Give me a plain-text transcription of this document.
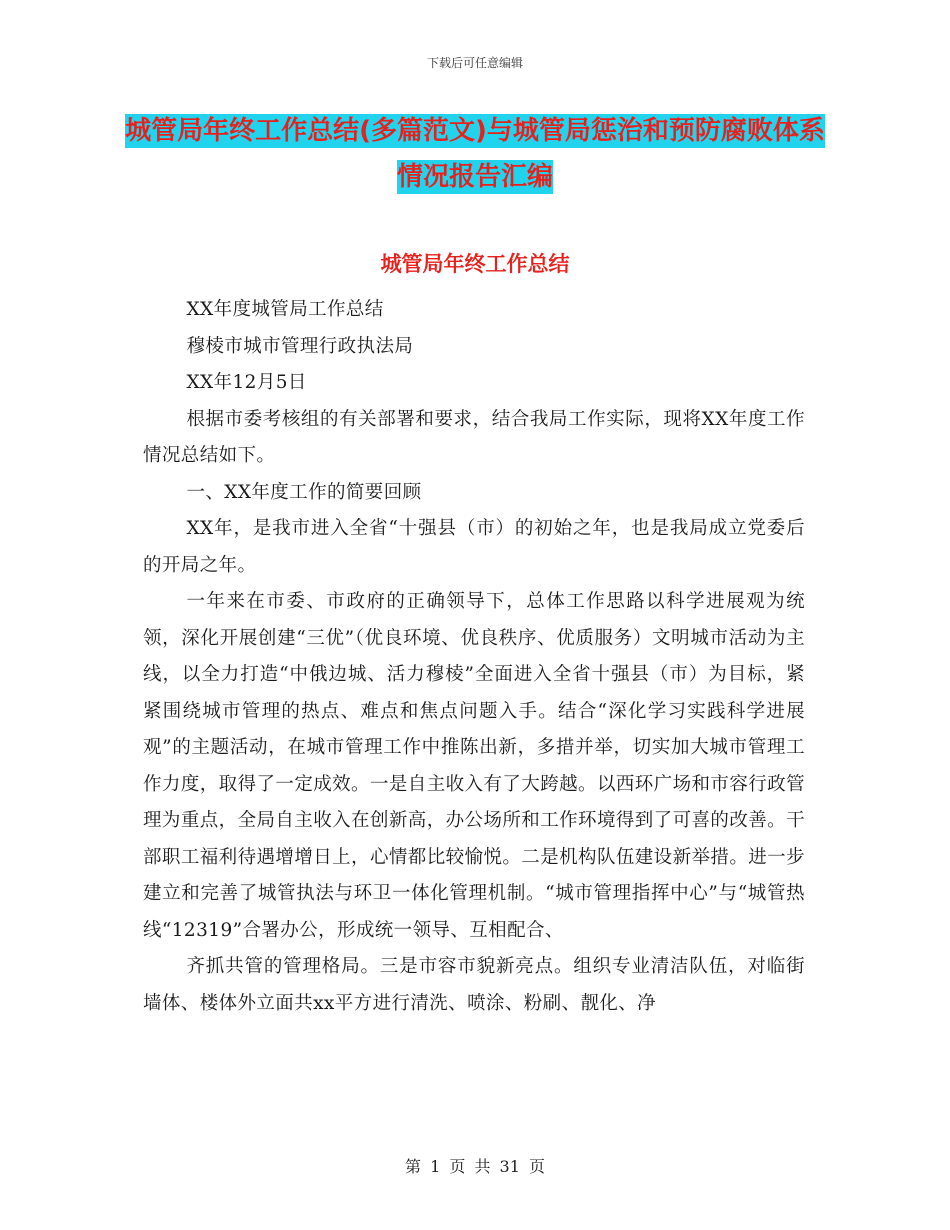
下载后可任意编辑
城管局年终工作总结(多篇范文)与城管局惩治和预防腐败体系情况报告汇编
城管局年终工作总结

XX年度城管局工作总结

穆棱市城市管理行政执法局

XX年12月5日

根据市委考核组的有关部署和要求，结合我局工作实际，现将XX年度工作情况总结如下。

一、XX年度工作的简要回顾

XX年，是我市进入全省“十强县（市）的初始之年，也是我局成立党委后的开局之年。

一年来在市委、市政府的正确领导下，总体工作思路以科学进展观为统领，深化开展创建“三优”（优良环境、优良秩序、优质服务）文明城市活动为主线，以全力打造“中俄边城、活力穆棱”全面进入全省十强县（市）为目标，紧紧围绕城市管理的热点、难点和焦点问题入手。结合“深化学习实践科学进展观”的主题活动，在城市管理工作中推陈出新，多措并举，切实加大城市管理工作力度，取得了一定成效。一是自主收入有了大跨越。以西环广场和市容行政管理为重点，全局自主收入在创新高，办公场所和工作环境得到了可喜的改善。干部职工福利待遇增增日上，心情都比较愉悦。二是机构队伍建设新举措。进一步建立和完善了城管执法与环卫一体化管理机制。“城市管理指挥中心”与“城管热线“12319”合署办公，形成统一领导、互相配合、

齐抓共管的管理格局。三是市容市貌新亮点。组织专业清洁队伍，对临街墙体、楼体外立面共xx平方进行清洗、喷涂、粉刷、靓化、净

第 1 页 共 31 页
